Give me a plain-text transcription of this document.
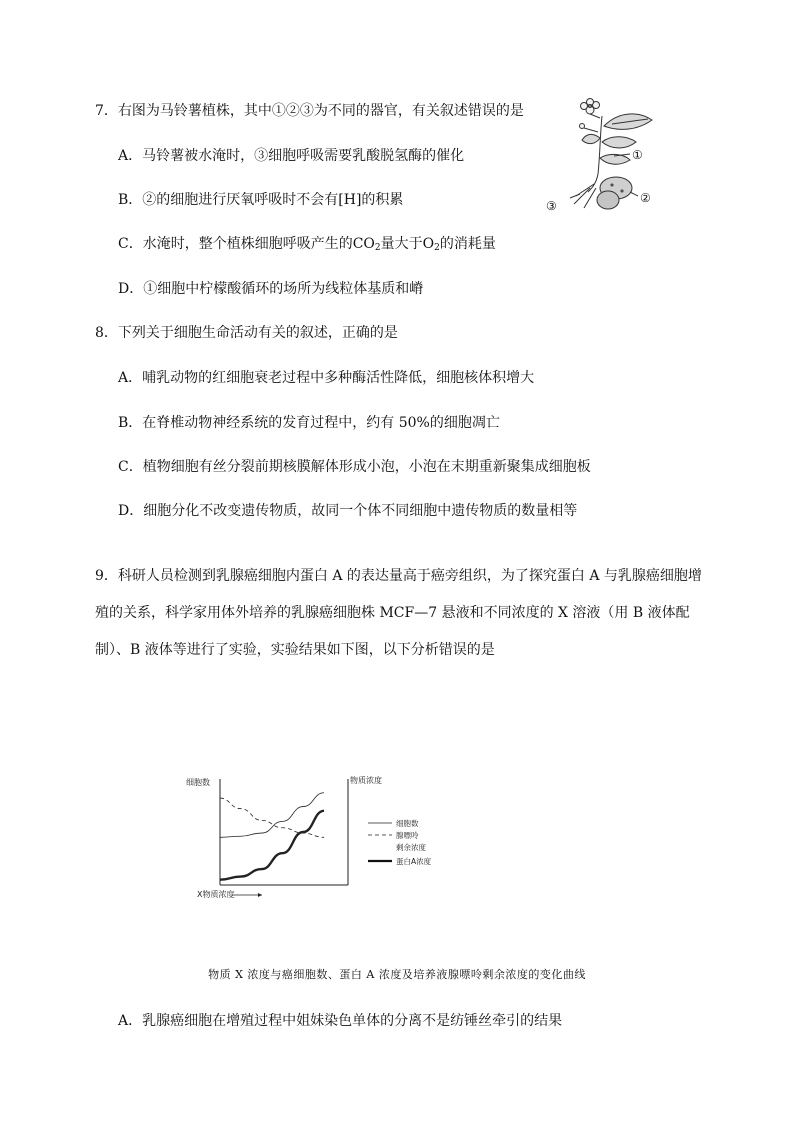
7．右图为马铃薯植株，其中①②③为不同的器官，有关叙述错误的是
A．马铃薯被水淹时，③细胞呼吸需要乳酸脱氢酶的催化
B．②的细胞进行厌氧呼吸时不会有[H]的积累
C．水淹时，整个植株细胞呼吸产生的$CO_2$量大于$O_2$的消耗量
D．①细胞中柠檬酸循环的场所为线粒体基质和嵴
①
②
③
8．下列关于细胞生命活动有关的叙述，正确的是
A．哺乳动物的红细胞衰老过程中多种酶活性降低，细胞核体积增大
B．在脊椎动物神经系统的发育过程中，约有 50%的细胞凋亡
C．植物细胞有丝分裂前期核膜解体形成小泡，小泡在末期重新聚集成细胞板
D．细胞分化不改变遗传物质，故同一个体不同细胞中遗传物质的数量相等
9．科研人员检测到乳腺癌细胞内蛋白 A 的表达量高于癌旁组织，为了探究蛋白 A 与乳腺癌细胞增
殖的关系，科学家用体外培养的乳腺癌细胞株 MCF—7 悬液和不同浓度的 X 溶液（用 B 液体配
制）、B 液体等进行了实验，实验结果如下图，以下分析错误的是
细胞数	物质浓度
X物质浓度
细胞数
腺嘌呤
剩余浓度
蛋白A浓度
物质 X 浓度与癌细胞数、蛋白 A 浓度及培养液腺嘌呤剩余浓度的变化曲线
A．乳腺癌细胞在增殖过程中姐妹染色单体的分离不是纺锤丝牵引的结果
